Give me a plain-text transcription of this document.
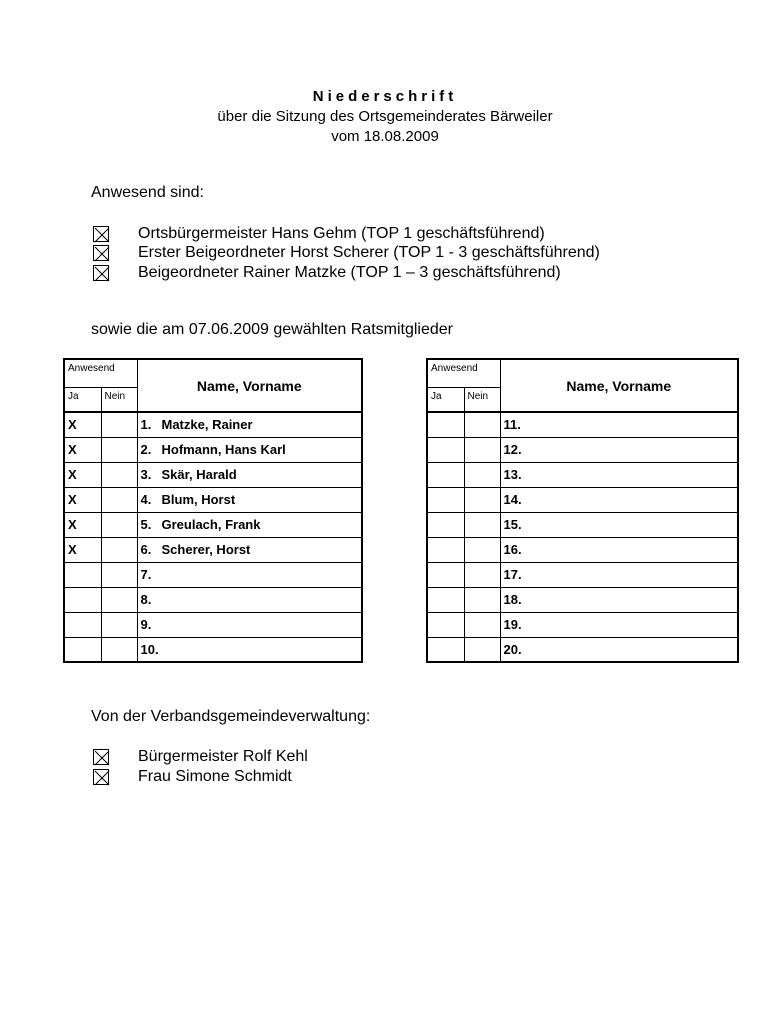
Niederschrift
über die Sitzung des Ortsgemeinderates Bärweiler
vom 18.08.2009
Anwesend sind:
Ortsbürgermeister Hans Gehm (TOP 1 geschäftsführend)
Erster Beigeordneter Horst Scherer (TOP 1 - 3 geschäftsführend)
Beigeordneter Rainer Matzke (TOP 1 – 3 geschäftsführend)
sowie die am 07.06.2009 gewählten Ratsmitglieder
Anwesend		Name, Vorname
Ja	Nein	
X		1. Matzke, Rainer
X		2. Hofmann, Hans Karl
X		3. Skär, Harald
X		4. Blum, Horst
X		5. Greulach, Frank
X		6. Scherer, Horst
		7.
		8.
		9.
		10.
Anwesend		Name, Vorname
Ja	Nein	
		11.
		12.
		13.
		14.
		15.
		16.
		17.
		18.
		19.
		20.
Von der Verbandsgemeindeverwaltung:
Bürgermeister Rolf Kehl
Frau Simone Schmidt
